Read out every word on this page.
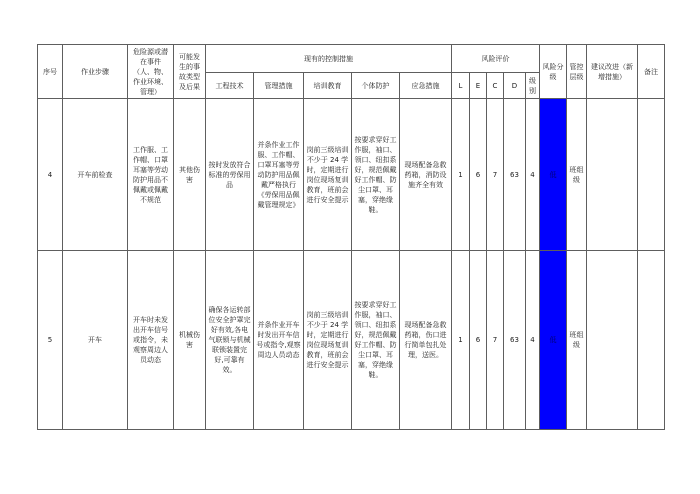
序号	作业步骤	危险源或潜在事件（人、物、作业环境、管理）	可能发生的事故类型及后果	现有的控制措施					风险评价					风险分级	管控层级	建议改进（新增措施）	备注
				工程技术	管理措施	培训教育	个体防护	应急措施	L	E	C	D	级别				
4	开车前检查	工作服、工作帽、口罩耳塞等劳动防护用品不佩戴或佩戴不规范	其他伤害	按时发放符合标准的劳保用品	并条作业工作服、工作帽、口罩耳塞等劳动防护用品佩戴严格执行《劳保用品佩戴管理规定》	岗前三级培训不少于 24 学时，定期进行岗位现场复训教育，班前会进行安全提示	按要求穿好工作服，袖口、领口、纽扣系好，规范佩戴好工作帽、防尘口罩、耳塞，穿绝缘鞋。	现场配备急救药箱，消防设施齐全有效	1	6	7	63	4	低	班组级		
5	开车	开车时未发出开车信号或指令，未观察周边人员动态	机械伤害	确保各运转部位安全护罩完好有效,各电气联锁与机械联锁装置完好,可靠有效。	并条作业开车时发出开车信号或指令,观察周边人员动态	岗前三级培训不少于 24 学时，定期进行岗位现场复训教育，班前会进行安全提示	按要求穿好工作服，袖口、领口、纽扣系好，规范佩戴好工作帽、防尘口罩、耳塞，穿绝缘鞋。	现场配备急救药箱，伤口进行简单包扎处理，送医。	1	6	7	63	4	低	班组级		
